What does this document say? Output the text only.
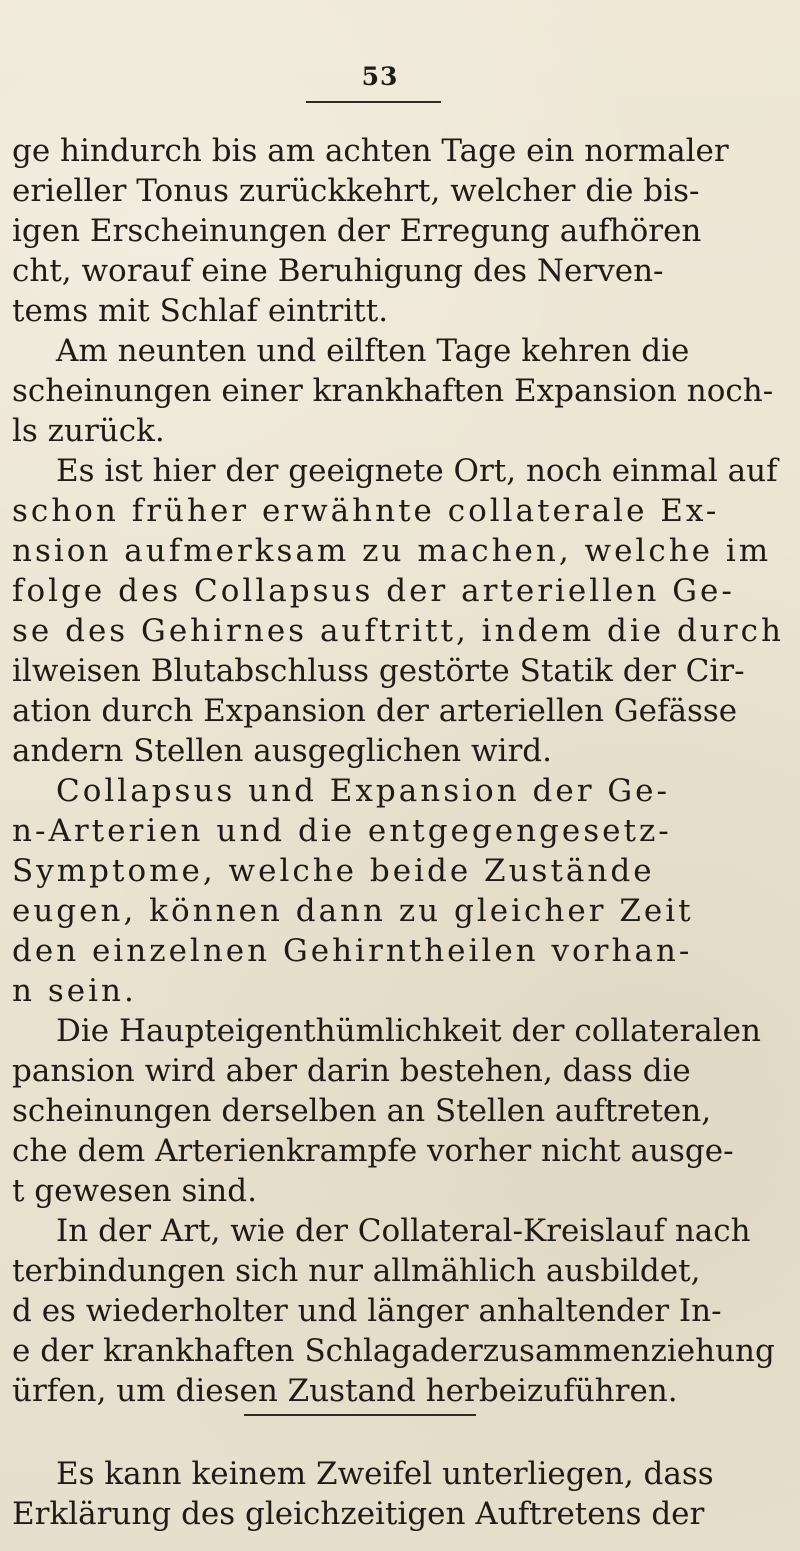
53
ge hindurch bis am achten Tage ein normaler
erieller Tonus zurückkehrt, welcher die bis-
igen Erscheinungen der Erregung aufhören
cht, worauf eine Beruhigung des Nerven-
tems mit Schlaf eintritt.
Am neunten und eilften Tage kehren die
scheinungen einer krankhaften Expansion noch-
ls zurück.
Es ist hier der geeignete Ort, noch einmal auf
schon früher erwähnte collaterale Ex-
nsion aufmerksam zu machen, welche im
folge des Collapsus der arteriellen Ge-
se des Gehirnes auftritt, indem die durch
ilweisen Blutabschluss gestörte Statik der Cir-
ation durch Expansion der arteriellen Gefässe
andern Stellen ausgeglichen wird.
Collapsus und Expansion der Ge-
n-Arterien und die entgegengesetz-
Symptome, welche beide Zustände
eugen, können dann zu gleicher Zeit
den einzelnen Gehirntheilen vorhan-
n sein.
Die Haupteigenthümlichkeit der collateralen
pansion wird aber darin bestehen, dass die
scheinungen derselben an Stellen auftreten,
che dem Arterienkrampfe vorher nicht ausge-
t gewesen sind.
In der Art, wie der Collateral-Kreislauf nach
terbindungen sich nur allmählich ausbildet,
d es wiederholter und länger anhaltender In-
e der krankhaften Schlagaderzusammenziehung
ürfen, um diesen Zustand herbeizuführen.
Es kann keinem Zweifel unterliegen, dass
Erklärung des gleichzeitigen Auftretens der
